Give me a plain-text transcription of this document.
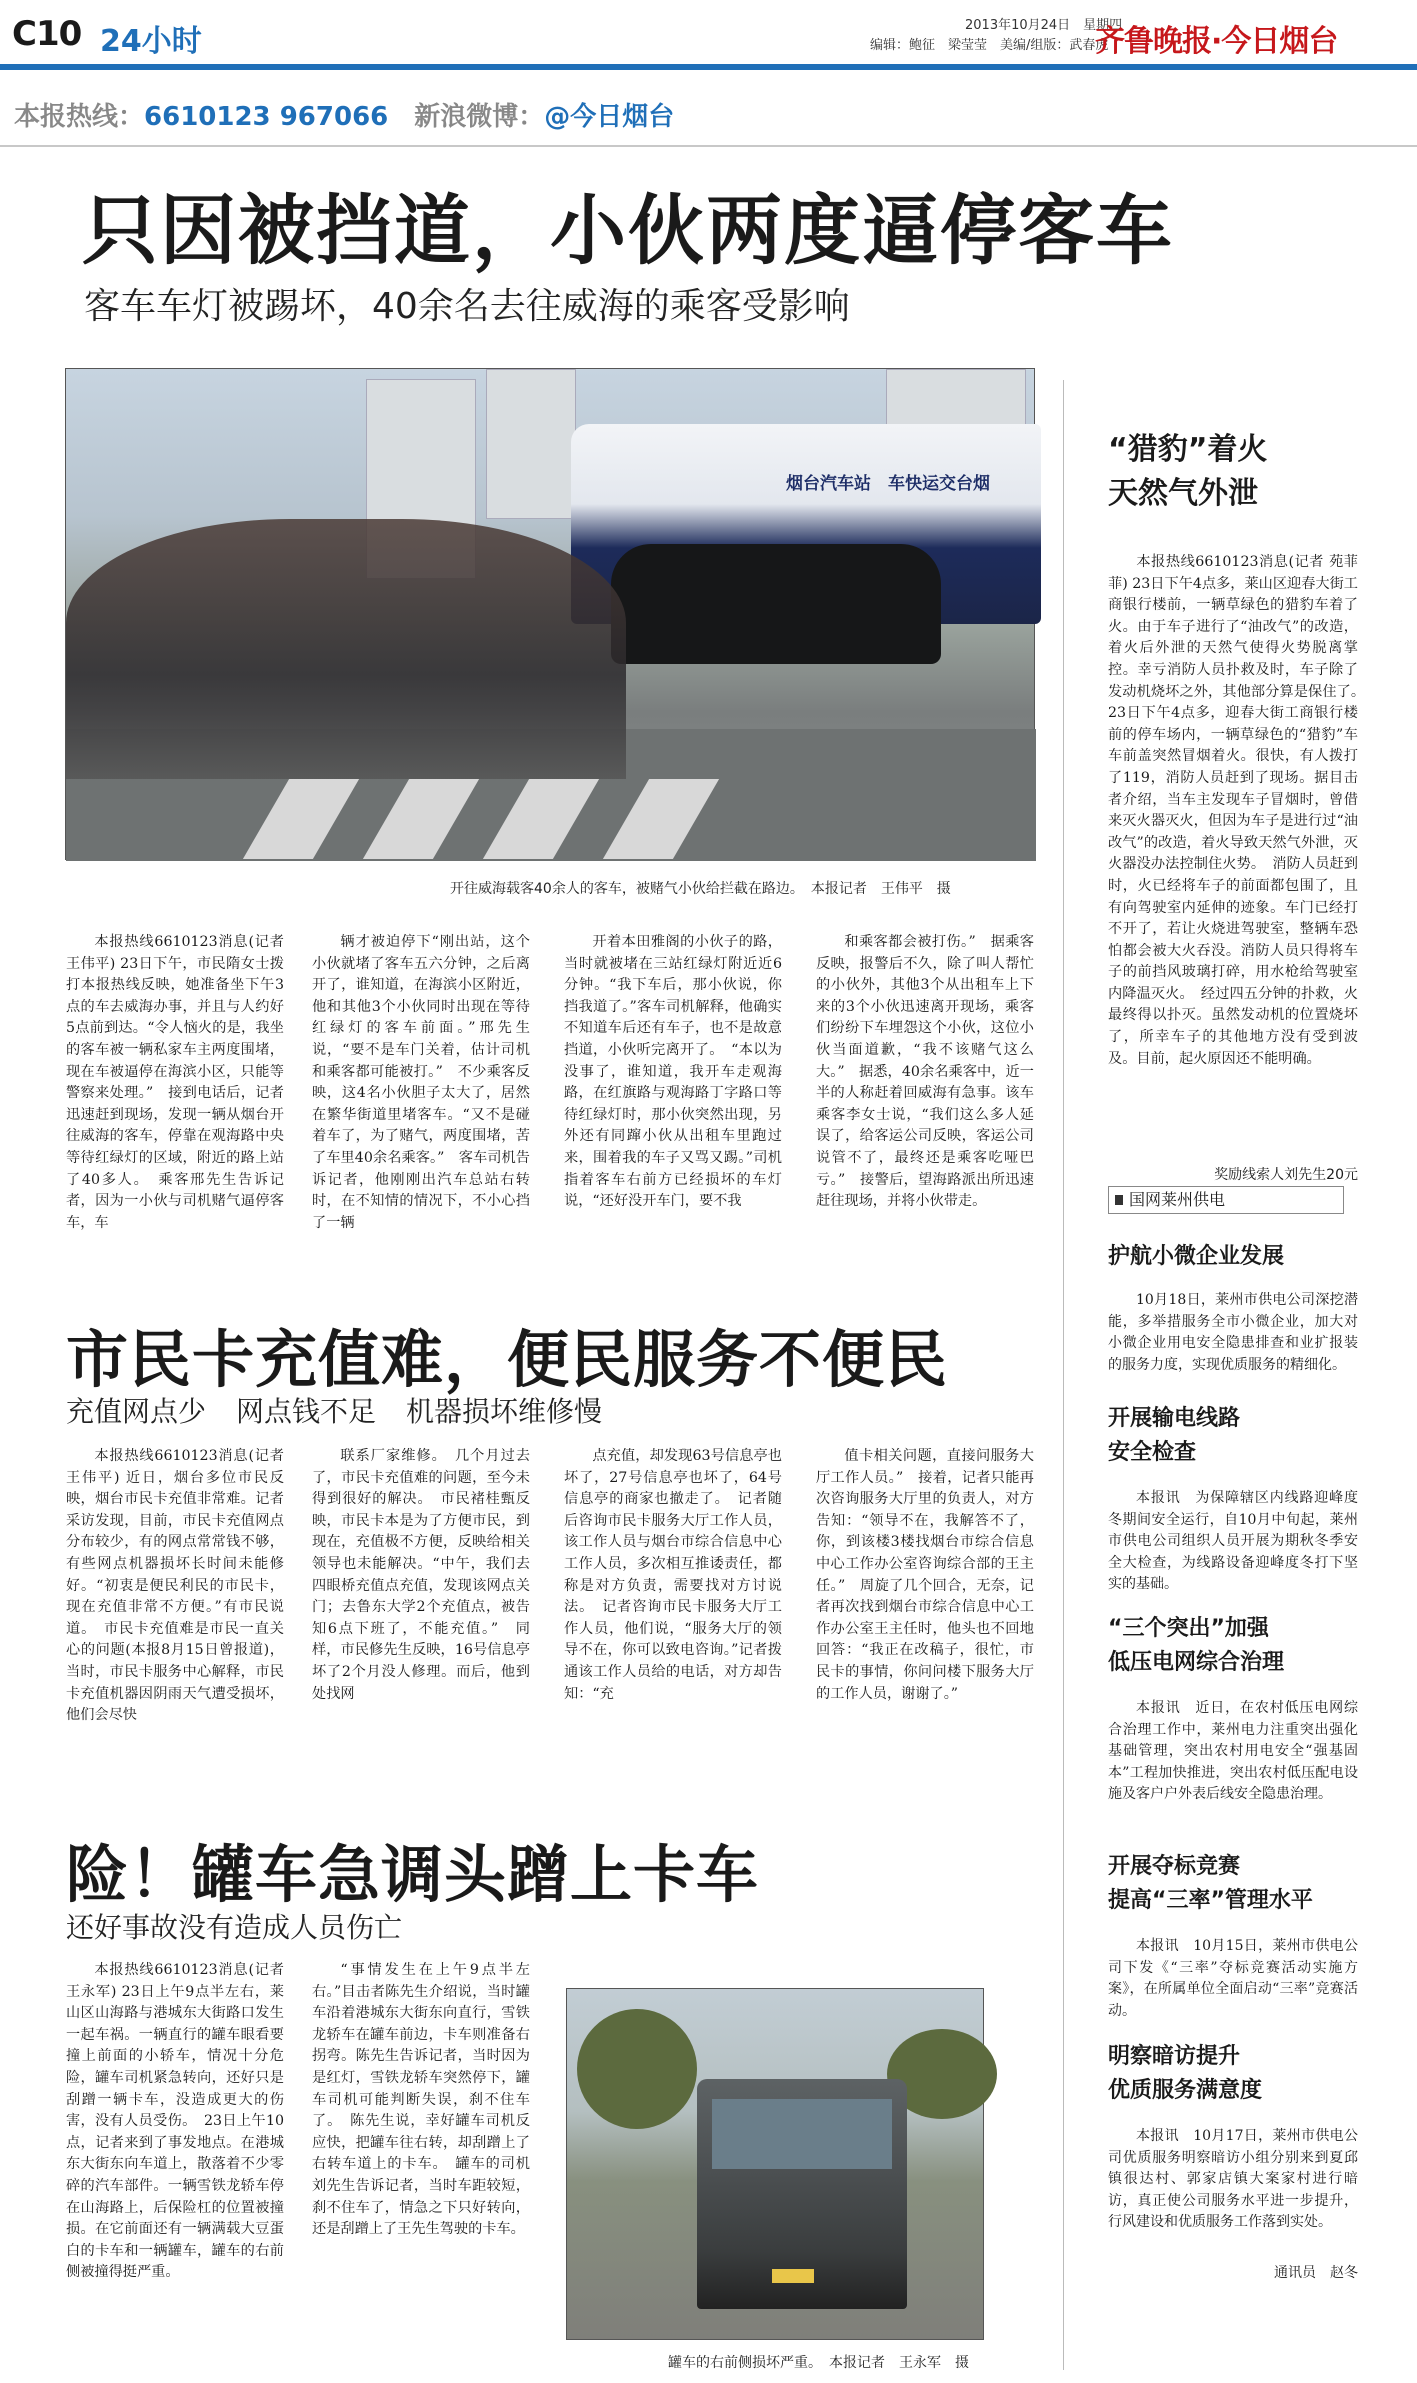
C10 24小时	2013年10月24日　星期四
编辑：鲍征　梁莹莹　美编/组版：武春虎
齐鲁晚报·今日烟台
本报热线：6610123 967066 新浪微博：@今日烟台
只因被挡道，小伙两度逼停客车
客车车灯被踢坏，40余名去往威海的乘客受影响
烟台汽车站　车快运交台烟
开往威海载客40余人的客车，被赌气小伙给拦截在路边。　本报记者　王伟平　摄

本报热线6610123消息(记者 王伟平) 23日下午，市民隋女士拨打本报热线反映，她准备坐下午3点的车去威海办事，并且与人约好5点前到达。“令人恼火的是，我坐的客车被一辆私家车主两度围堵，现在车被逼停在海滨小区，只能等警察来处理。”　接到电话后，记者迅速赶到现场，发现一辆从烟台开往威海的客车，停靠在观海路中央等待红绿灯的区域，附近的路上站了40多人。　乘客邢先生告诉记者，因为一小伙与司机赌气逼停客车，车

辆才被迫停下“刚出站，这个小伙就堵了客车五六分钟，之后离开了，谁知道，在海滨小区附近，他和其他3个小伙同时出现在等待红绿灯的客车前面。”邢先生说，“要不是车门关着，估计司机和乘客都可能被打。”　不少乘客反映，这4名小伙胆子太大了，居然在繁华街道里堵客车。“又不是碰着车了，为了赌气，两度围堵，苦了车里40余名乘客。”　客车司机告诉记者，他刚刚出汽车总站右转时，在不知情的情况下，不小心挡了一辆

开着本田雅阁的小伙子的路，当时就被堵在三站红绿灯附近近6分钟。“我下车后，那小伙说，你挡我道了。”客车司机解释，他确实不知道车后还有车子，也不是故意挡道，小伙听完离开了。　“本以为没事了，谁知道，我开车走观海路，在红旗路与观海路丁字路口等待红绿灯时，那小伙突然出现，另外还有同蹿小伙从出租车里跑过来，围着我的车子又骂又踢。”司机指着客车右前方已经损坏的车灯说，“还好没开车门，要不我

和乘客都会被打伤。”　据乘客反映，报警后不久，除了叫人帮忙的小伙外，其他3个从出租车上下来的3个小伙迅速离开现场，乘客们纷纷下车埋怨这个小伙，这位小伙当面道歉，“我不该赌气这么大。”　据悉，40余名乘客中，近一半的人称赶着回威海有急事。该车乘客李女士说，“我们这么多人延误了，给客运公司反映，客运公司说管不了，最终还是乘客吃哑巴亏。”　接警后，望海路派出所迅速赶往现场，并将小伙带走。

市民卡充值难，便民服务不便民
充值网点少 网点钱不足 机器损坏维修慢

本报热线6610123消息(记者 王伟平) 近日，烟台多位市民反映，烟台市民卡充值非常难。记者采访发现，目前，市民卡充值网点分布较少，有的网点常常钱不够，有些网点机器损坏长时间未能修好。“初衷是便民利民的市民卡，现在充值非常不方便。”有市民说道。　市民卡充值难是市民一直关心的问题(本报8月15日曾报道)，当时，市民卡服务中心解释，市民卡充值机器因阴雨天气遭受损坏，他们会尽快

联系厂家维修。　几个月过去了，市民卡充值难的问题，至今未得到很好的解决。　市民褚桂甄反映，市民卡本是为了方便市民，到现在，充值极不方便，反映给相关领导也未能解决。“中午，我们去四眼桥充值点充值，发现该网点关门；去鲁东大学2个充值点，被告知6点下班了，不能充值。”　同样，市民修先生反映，16号信息亭坏了2个月没人修理。而后，他到处找网

点充值，却发现63号信息亭也坏了，27号信息亭也坏了，64号信息亭的商家也撤走了。　记者随后咨询市民卡服务大厅工作人员，该工作人员与烟台市综合信息中心工作人员，多次相互推诿责任，都称是对方负责，需要找对方讨说法。　记者咨询市民卡服务大厅工作人员，他们说，“服务大厅的领导不在，你可以致电咨询。”记者拨通该工作人员给的电话，对方却告知：“充

值卡相关问题，直接问服务大厅工作人员。”　接着，记者只能再次咨询服务大厅里的负责人，对方告知：“领导不在，我解答不了，你，到该楼3楼找烟台市综合信息中心工作办公室咨询综合部的王主任。”　周旋了几个回合，无奈，记者再次找到烟台市综合信息中心工作办公室王主任时，他头也不回地回答：“我正在改稿子，很忙，市民卡的事情，你问问楼下服务大厅的工作人员，谢谢了。”

险！罐车急调头蹭上卡车
还好事故没有造成人员伤亡

本报热线6610123消息(记者 王永军) 23日上午9点半左右，莱山区山海路与港城东大街路口发生一起车祸。一辆直行的罐车眼看要撞上前面的小轿车，情况十分危险，罐车司机紧急转向，还好只是刮蹭一辆卡车，没造成更大的伤害，没有人员受伤。　23日上午10点，记者来到了事发地点。在港城东大街东向车道上，散落着不少零碎的汽车部件。一辆雪铁龙轿车停在山海路上，后保险杠的位置被撞损。在它前面还有一辆满载大豆蛋白的卡车和一辆罐车，罐车的右前侧被撞得挺严重。

“事情发生在上午9点半左右。”目击者陈先生介绍说，当时罐车沿着港城东大街东向直行，雪铁龙轿车在罐车前边，卡车则准备右拐弯。陈先生告诉记者，当时因为是红灯，雪铁龙轿车突然停下，罐车司机可能判断失误，刹不住车了。　陈先生说，幸好罐车司机反应快，把罐车往右转，却刮蹭上了右转车道上的卡车。　罐车的司机刘先生告诉记者，当时车距较短，刹不住车了，情急之下只好转向，还是刮蹭上了王先生驾驶的卡车。

罐车的右前侧损坏严重。　本报记者　王永军　摄
“猎豹”着火
天然气外泄

本报热线6610123消息(记者 苑菲菲) 23日下午4点多，莱山区迎春大街工商银行楼前，一辆草绿色的猎豹车着了火。由于车子进行了“油改气”的改造，着火后外泄的天然气使得火势脱离掌控。幸亏消防人员扑救及时，车子除了发动机烧坏之外，其他部分算是保住了。　23日下午4点多，迎春大街工商银行楼前的停车场内，一辆草绿色的“猎豹”车车前盖突然冒烟着火。很快，有人拨打了119，消防人员赶到了现场。据目击者介绍，当车主发现车子冒烟时，曾借来灭火器灭火，但因为车子是进行过“油改气”的改造，着火导致天然气外泄，灭火器没办法控制住火势。　消防人员赶到时，火已经将车子的前面都包围了，且有向驾驶室内延伸的迹象。车门已经打不开了，若让火烧进驾驶室，整辆车恐怕都会被大火吞没。消防人员只得将车子的前挡风玻璃打碎，用水枪给驾驶室内降温灭火。　经过四五分钟的扑救，火最终得以扑灭。虽然发动机的位置烧坏了，所幸车子的其他地方没有受到波及。目前，起火原因还不能明确。

奖励线索人刘先生20元
国网莱州供电
护航小微企业发展

10月18日，莱州市供电公司深挖潜能，多举措服务全市小微企业，加大对小微企业用电安全隐患排查和业扩报装的服务力度，实现优质服务的精细化。

开展输电线路
安全检查

本报讯　为保障辖区内线路迎峰度冬期间安全运行，自10月中旬起，莱州市供电公司组织人员开展为期秋冬季安全大检查，为线路设备迎峰度冬打下坚实的基础。

“三个突出”加强
低压电网综合治理

本报讯　近日，在农村低压电网综合治理工作中，莱州电力注重突出强化基础管理，突出农村用电安全“强基固本”工程加快推进，突出农村低压配电设施及客户户外表后线安全隐患治理。

开展夺标竞赛
提高“三率”管理水平

本报讯　10月15日，莱州市供电公司下发《“三率”夺标竞赛活动实施方案》，在所属单位全面启动“三率”竞赛活动。

明察暗访提升
优质服务满意度

本报讯　10月17日，莱州市供电公司优质服务明察暗访小组分别来到夏邱镇很达村、郭家店镇大案家村进行暗访，真正使公司服务水平进一步提升，行风建设和优质服务工作落到实处。

通讯员　赵冬
